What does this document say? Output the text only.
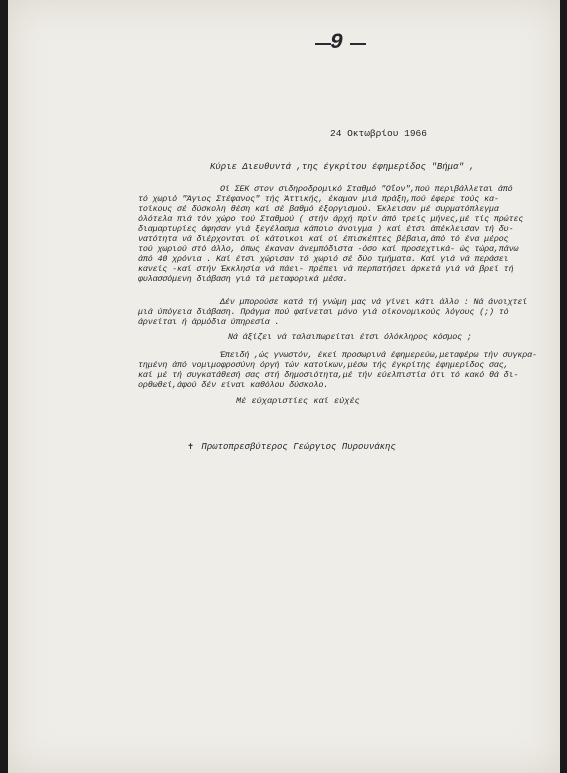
9
24 Οκτωβρίου 1966
Κύριε Διευθυντά ,της έγκρίτου έφημερίδος "Βήμα" ,
Οί ΣΕΚ στον σιδηροδρομικό Σταθμό "Οΐον",πού περιβάλλεται άπό
τό χωριό "Άγιος Στέφανος" τής Άττικής, έκαμαν μιά πράξη,πού έφερε τούς κα-
τοίκους σέ δύσκολη θέση καί σέ βαθμό έξοργισμού. Έκλεισαν μέ συρματόπλεγμα
όλότελα πιά τόν χώρο τού Σταθμού ( στήν άρχή πρίν άπό τρείς μήνες,μέ τίς πρώτες
διαμαρτυρίες άφησαν γιά ξεγέλασμα κάποιο άνοιγμα ) καί έτσι άπέκλεισαν τή δυ-
νατότητα νά διέρχονται οί κάτοικοι καί οί έπισκέπτες βέβαια,άπό τό ένα μέρος
τού χωριού στό άλλο, όπως έκαναν άνεμπόδιστα -όσο καί προσεχτικά- ώς τώρα,πάνω
άπό 40 χρόνια . Καί έτσι χώρισαν τό χωριό σέ δύο τμήματα. Καί γιά νά περάσει
κανείς -καί στήν Έκκλησία νά πάει- πρέπει νά περπατήσει άρκετά γιά νά βρεί τή
φυλασσόμενη διάβαση γιά τά μεταφορικά μέσα.
Δέν μπορούσε κατά τή γνώμη μας νά γίνει κάτι άλλο : Νά άνοιχτεί
μιά ύπόγεια διάβαση. Πράγμα πού φαίνεται μόνο γιά οίκονομικούς λόγους (;) τό
άρνείται ή άρμόδια ύπηρεσία .
Νά άξίζει νά ταλαιπωρείται έτσι όλόκληρος κόσμος ;
Έπειδή ,ώς γνωστόν, έκεί προσωρινά έφημερεύω,μεταφέρω τήν συγκρα-
τημένη άπό νομιμοφροσύνη όργή τών κατοίκων,μέσω τής έγκρίτης έφημερίδος σας,
καί μέ τή συγκατάθεσή σας στή δημοσιότητα,μέ τήν εύελπιστία ότι τό κακό θά δι-
ορθωθεί,άφού δέν είναι καθόλου δύσκολο.
Μέ εύχαριστίες καί εύχές
✝ Πρωτοπρεσβύτερος Γεώργιος Πυρουνάκης
